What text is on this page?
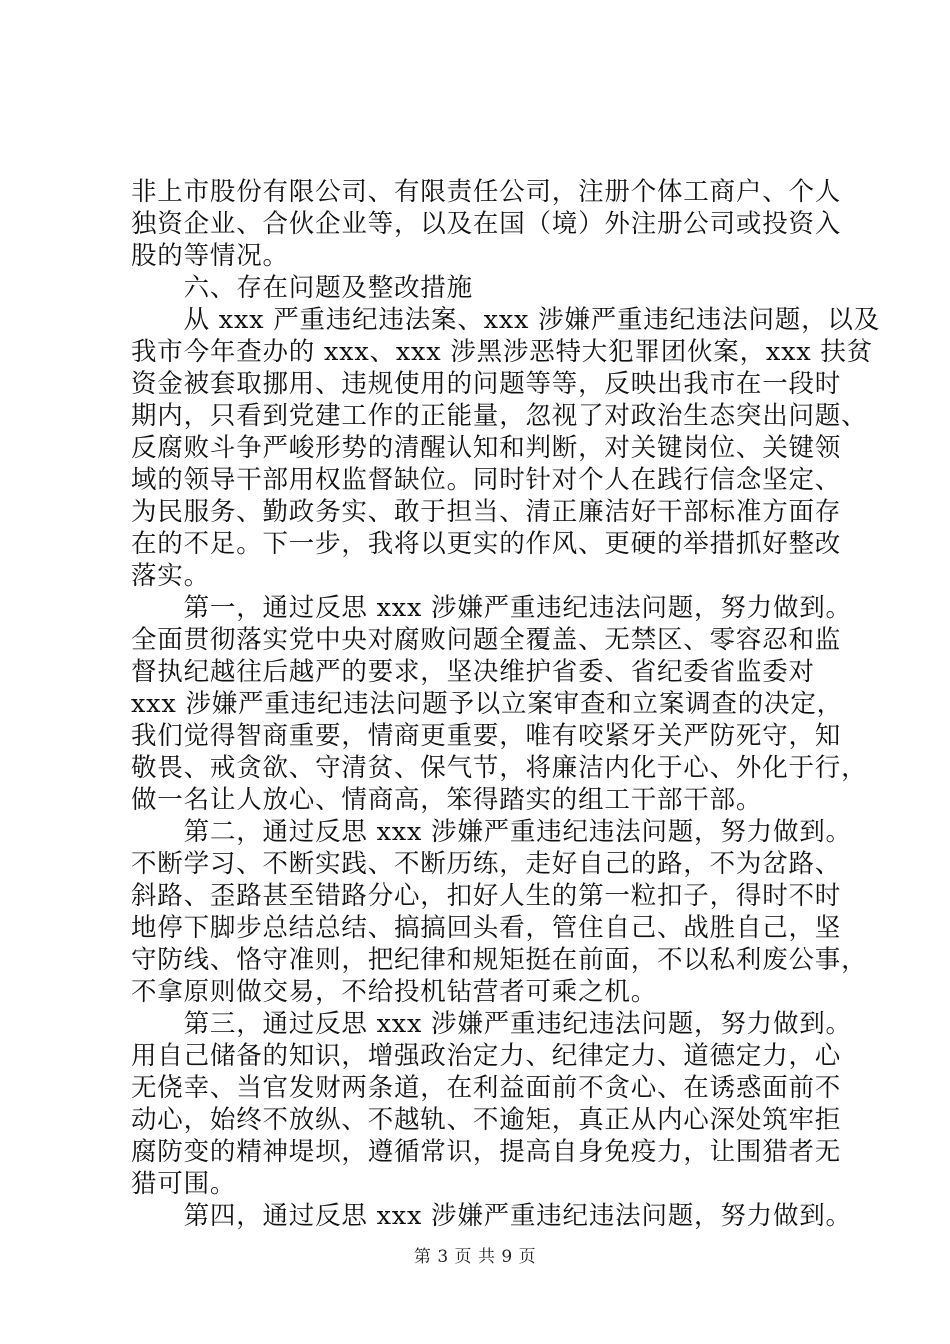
非上市股份有限公司、有限责任公司，注册个体工商户、个人

独资企业、合伙企业等，以及在国（境）外注册公司或投资入

股的等情况。

　　六、存在问题及整改措施

　　从 xxx 严重违纪违法案、xxx 涉嫌严重违纪违法问题，以及

我市今年查办的 xxx、xxx 涉黑涉恶特大犯罪团伙案，xxx 扶贫

资金被套取挪用、违规使用的问题等等，反映出我市在一段时

期内，只看到党建工作的正能量，忽视了对政治生态突出问题、

反腐败斗争严峻形势的清醒认知和判断，对关键岗位、关键领

域的领导干部用权监督缺位。同时针对个人在践行信念坚定、

为民服务、勤政务实、敢于担当、清正廉洁好干部标准方面存

在的不足。下一步，我将以更实的作风、更硬的举措抓好整改

落实。

　　第一，通过反思 xxx 涉嫌严重违纪违法问题，努力做到。

全面贯彻落实党中央对腐败问题全覆盖、无禁区、零容忍和监

督执纪越往后越严的要求，坚决维护省委、省纪委省监委对

xxx 涉嫌严重违纪违法问题予以立案审查和立案调查的决定，

我们觉得智商重要，情商更重要，唯有咬紧牙关严防死守，知

敬畏、戒贪欲、守清贫、保气节，将廉洁内化于心、外化于行，

做一名让人放心、情商高，笨得踏实的组工干部干部。

　　第二，通过反思 xxx 涉嫌严重违纪违法问题，努力做到。

不断学习、不断实践、不断历练，走好自己的路，不为岔路、

斜路、歪路甚至错路分心，扣好人生的第一粒扣子，得时不时

地停下脚步总结总结、搞搞回头看，管住自己、战胜自己，坚

守防线、恪守准则，把纪律和规矩挺在前面，不以私利废公事，

不拿原则做交易，不给投机钻营者可乘之机。

　　第三，通过反思 xxx 涉嫌严重违纪违法问题，努力做到。

用自己储备的知识，增强政治定力、纪律定力、道德定力，心

无侥幸、当官发财两条道，在利益面前不贪心、在诱惑面前不

动心，始终不放纵、不越轨、不逾矩，真正从内心深处筑牢拒

腐防变的精神堤坝，遵循常识，提高自身免疫力，让围猎者无

猎可围。

　　第四，通过反思 xxx 涉嫌严重违纪违法问题，努力做到。

第 3 页 共 9 页
